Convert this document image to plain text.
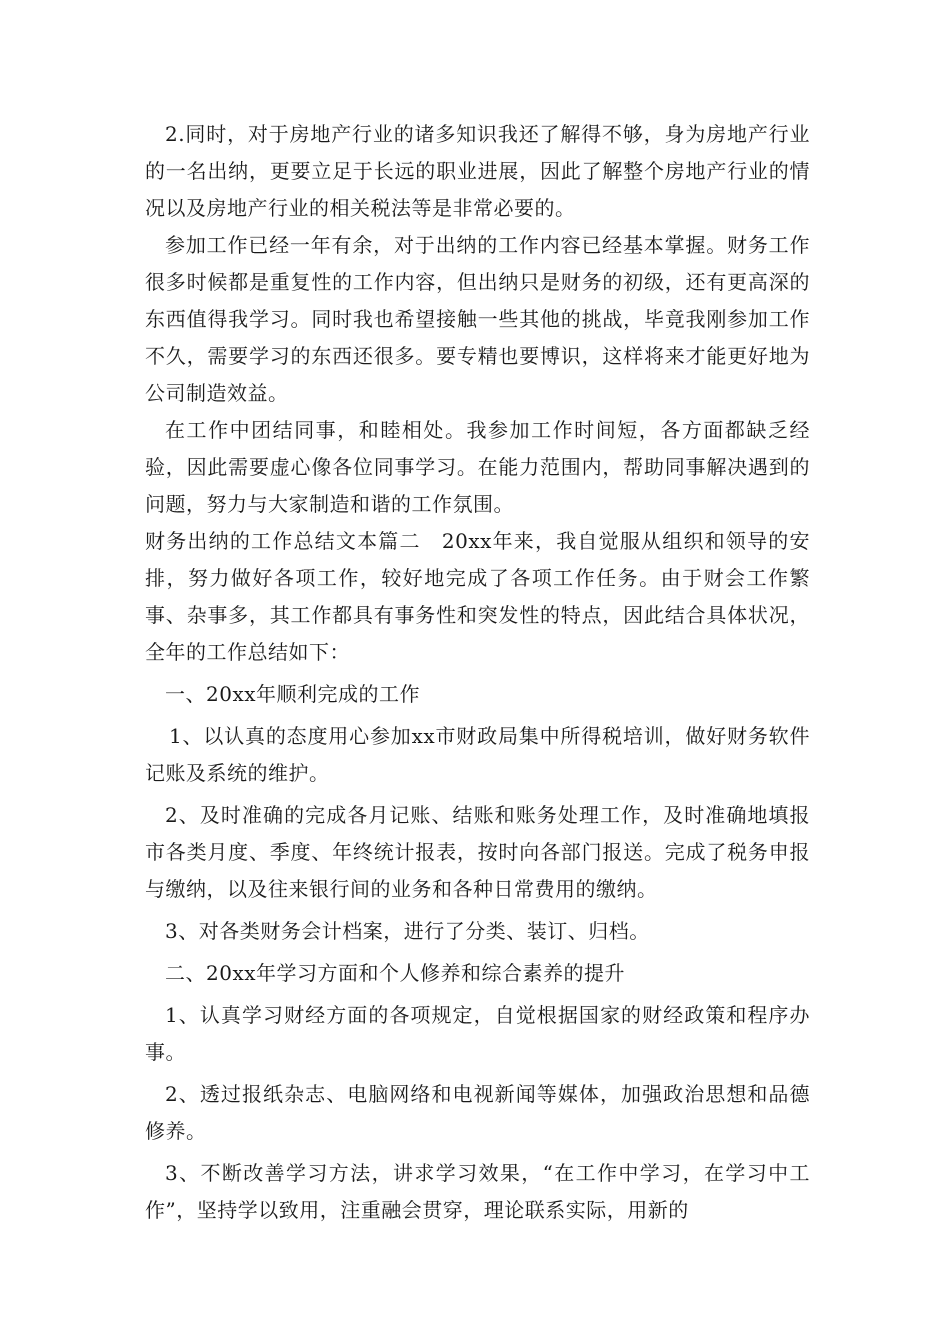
2.同时，对于房地产行业的诸多知识我还了解得不够，身为房地产行业的一名出纳，更要立足于长远的职业进展，因此了解整个房地产行业的情况以及房地产行业的相关税法等是非常必要的。

参加工作已经一年有余，对于出纳的工作内容已经基本掌握。财务工作很多时候都是重复性的工作内容，但出纳只是财务的初级，还有更高深的东西值得我学习。同时我也希望接触一些其他的挑战，毕竟我刚参加工作不久，需要学习的东西还很多。要专精也要博识，这样将来才能更好地为公司制造效益。

在工作中团结同事，和睦相处。我参加工作时间短，各方面都缺乏经验，因此需要虚心像各位同事学习。在能力范围内，帮助同事解决遇到的问题，努力与大家制造和谐的工作氛围。

财务出纳的工作总结文本篇二　20xx年来，我自觉服从组织和领导的安排，努力做好各项工作，较好地完成了各项工作任务。由于财会工作繁事、杂事多，其工作都具有事务性和突发性的特点，因此结合具体状况，全年的工作总结如下：

一、20xx年顺利完成的工作

1、以认真的态度用心参加xx市财政局集中所得税培训，做好财务软件记账及系统的维护。

2、及时准确的完成各月记账、结账和账务处理工作，及时准确地填报市各类月度、季度、年终统计报表，按时向各部门报送。完成了税务申报与缴纳，以及往来银行间的业务和各种日常费用的缴纳。

3、对各类财务会计档案，进行了分类、装订、归档。

二、20xx年学习方面和个人修养和综合素养的提升

1、认真学习财经方面的各项规定，自觉根据国家的财经政策和程序办事。

2、透过报纸杂志、电脑网络和电视新闻等媒体，加强政治思想和品德修养。

3、不断改善学习方法，讲求学习效果，“在工作中学习，在学习中工作”，坚持学以致用，注重融会贯穿，理论联系实际，用新的
